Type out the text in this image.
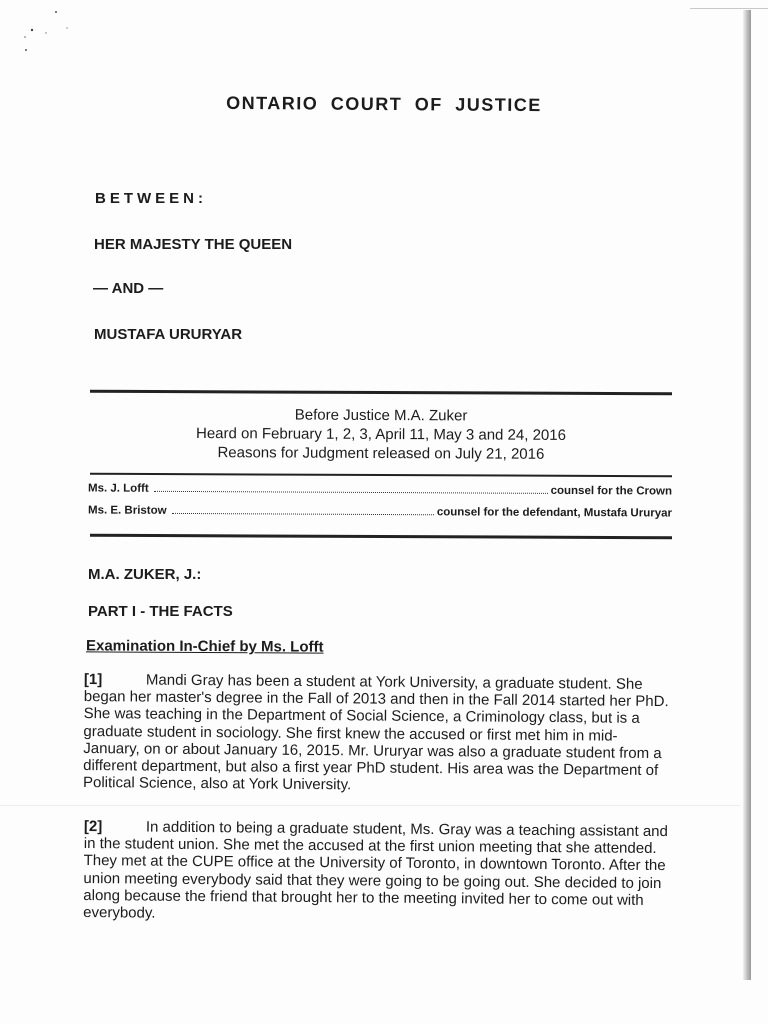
ONTARIO COURT OF JUSTICE
BETWEEN:
HER MAJESTY THE QUEEN
— AND —
MUSTAFA URURYAR
Before Justice M.A. Zuker
Heard on February 1, 2, 3, April 11, May 3 and 24, 2016
Reasons for Judgment released on July 21, 2016
Ms. J. Lofft	counsel for the Crown
Ms. E. Bristow	counsel for the defendant, Mustafa Ururyar
M.A. ZUKER, J.:
PART I - THE FACTS
Examination In-Chief by Ms. Lofft
[1]	Mandi Gray has been a student at York University, a graduate student. She began her master's degree in the Fall of 2013 and then in the Fall 2014 started her PhD. She was teaching in the Department of Social Science, a Criminology class, but is a graduate student in sociology. She first knew the accused or first met him in mid-January, on or about January 16, 2015. Mr. Ururyar was also a graduate student from a different department, but also a first year PhD student. His area was the Department of Political Science, also at York University.
[2]	In addition to being a graduate student, Ms. Gray was a teaching assistant and in the student union. She met the accused at the first union meeting that she attended. They met at the CUPE office at the University of Toronto, in downtown Toronto. After the union meeting everybody said that they were going to be going out. She decided to join along because the friend that brought her to the meeting invited her to come out with everybody.
